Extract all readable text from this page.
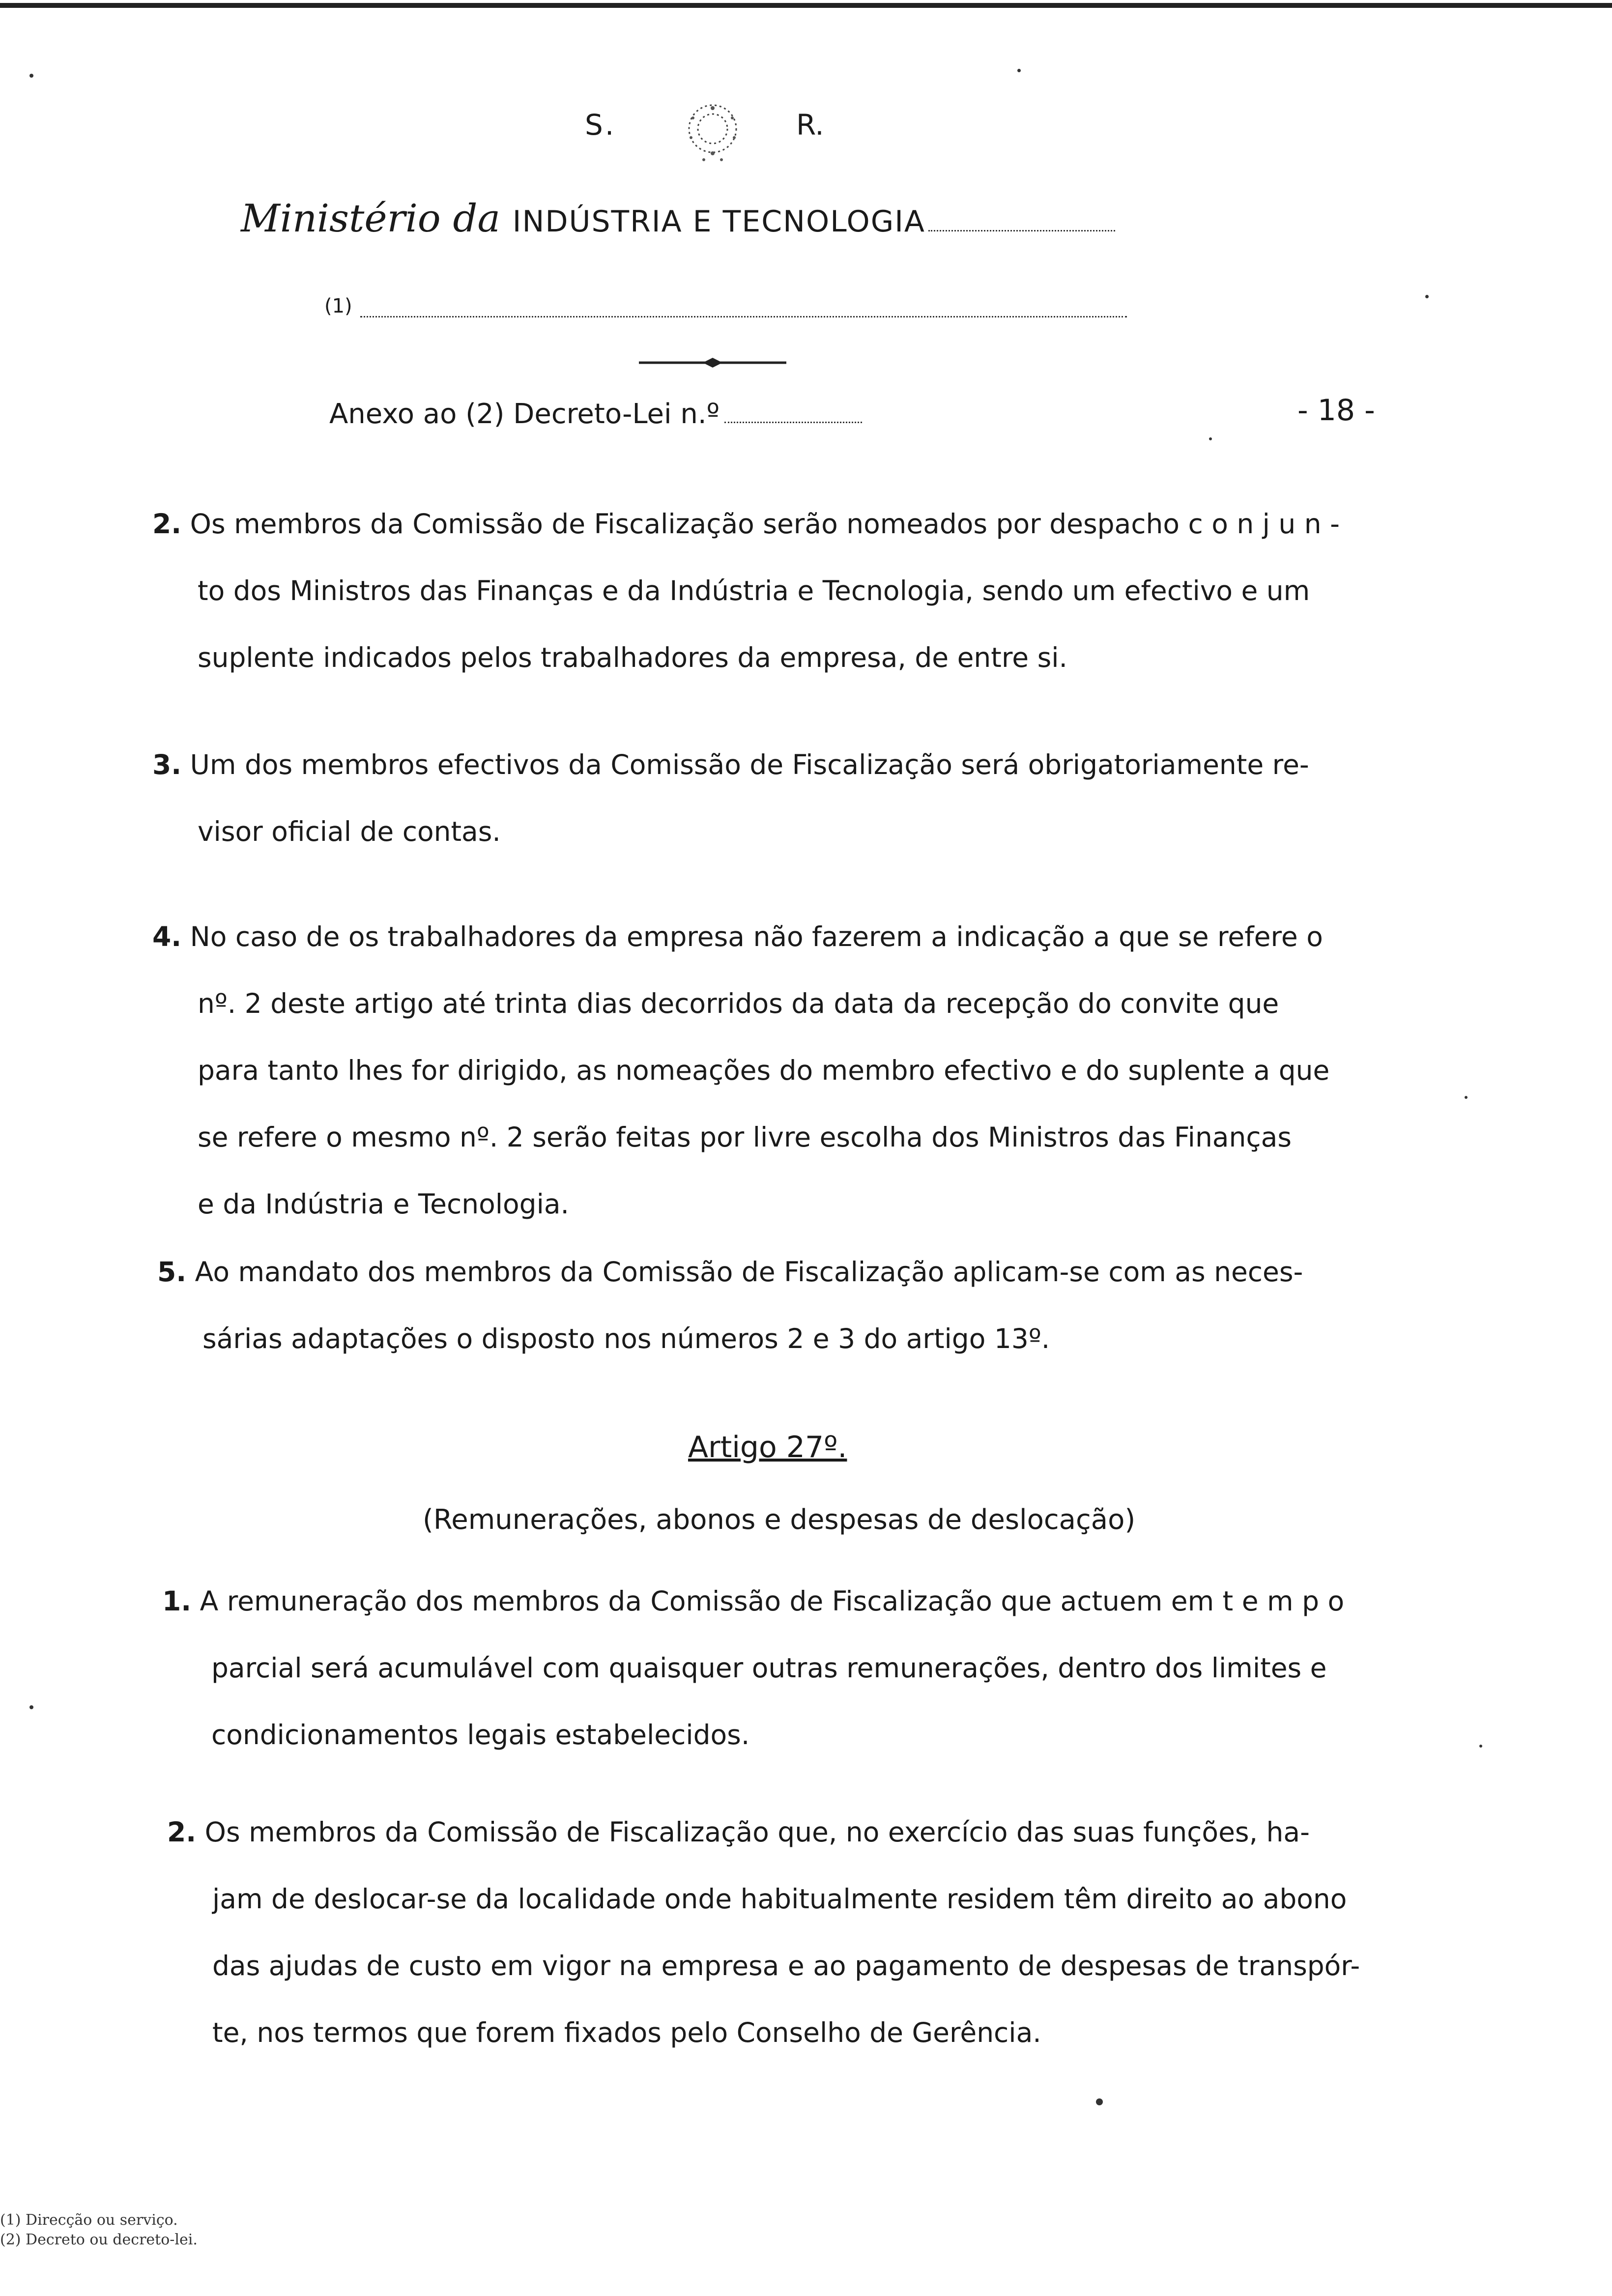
S.	R.
Ministério da INDÚSTRIA E TECNOLOGIA
(1)
Anexo ao (2) Decreto-Lei n.º	- 18 -
2. Os membros da Comissão de Fiscalização serão nomeados por despacho c o n j u n -
to dos Ministros das Finanças e da Indústria e Tecnologia, sendo um efectivo e um
suplente indicados pelos trabalhadores da empresa, de entre si.
3. Um dos membros efectivos da Comissão de Fiscalização será obrigatoriamente re-
visor oficial de contas.
4. No caso de os trabalhadores da empresa não fazerem a indicação a que se refere o
nº. 2 deste artigo até trinta dias decorridos da data da recepção do convite que
para tanto lhes for dirigido, as nomeações do membro efectivo e do suplente a que
se refere o mesmo nº. 2 serão feitas por livre escolha dos Ministros das Finanças
e da Indústria e Tecnologia.
5. Ao mandato dos membros da Comissão de Fiscalização aplicam-se com as neces-
sárias adaptações o disposto nos números 2 e 3 do artigo 13º.
Artigo 27º.
(Remunerações, abonos e despesas de deslocação)
1. A remuneração dos membros da Comissão de Fiscalização que actuem em t e m p o
parcial será acumulável com quaisquer outras remunerações, dentro dos limites e
condicionamentos legais estabelecidos.
2. Os membros da Comissão de Fiscalização que, no exercício das suas funções, ha-
jam de deslocar-se da localidade onde habitualmente residem têm direito ao abono
das ajudas de custo em vigor na empresa e ao pagamento de despesas de transpór-
te, nos termos que forem fixados pelo Conselho de Gerência.
(1) Direcção ou serviço.
(2) Decreto ou decreto-lei.
